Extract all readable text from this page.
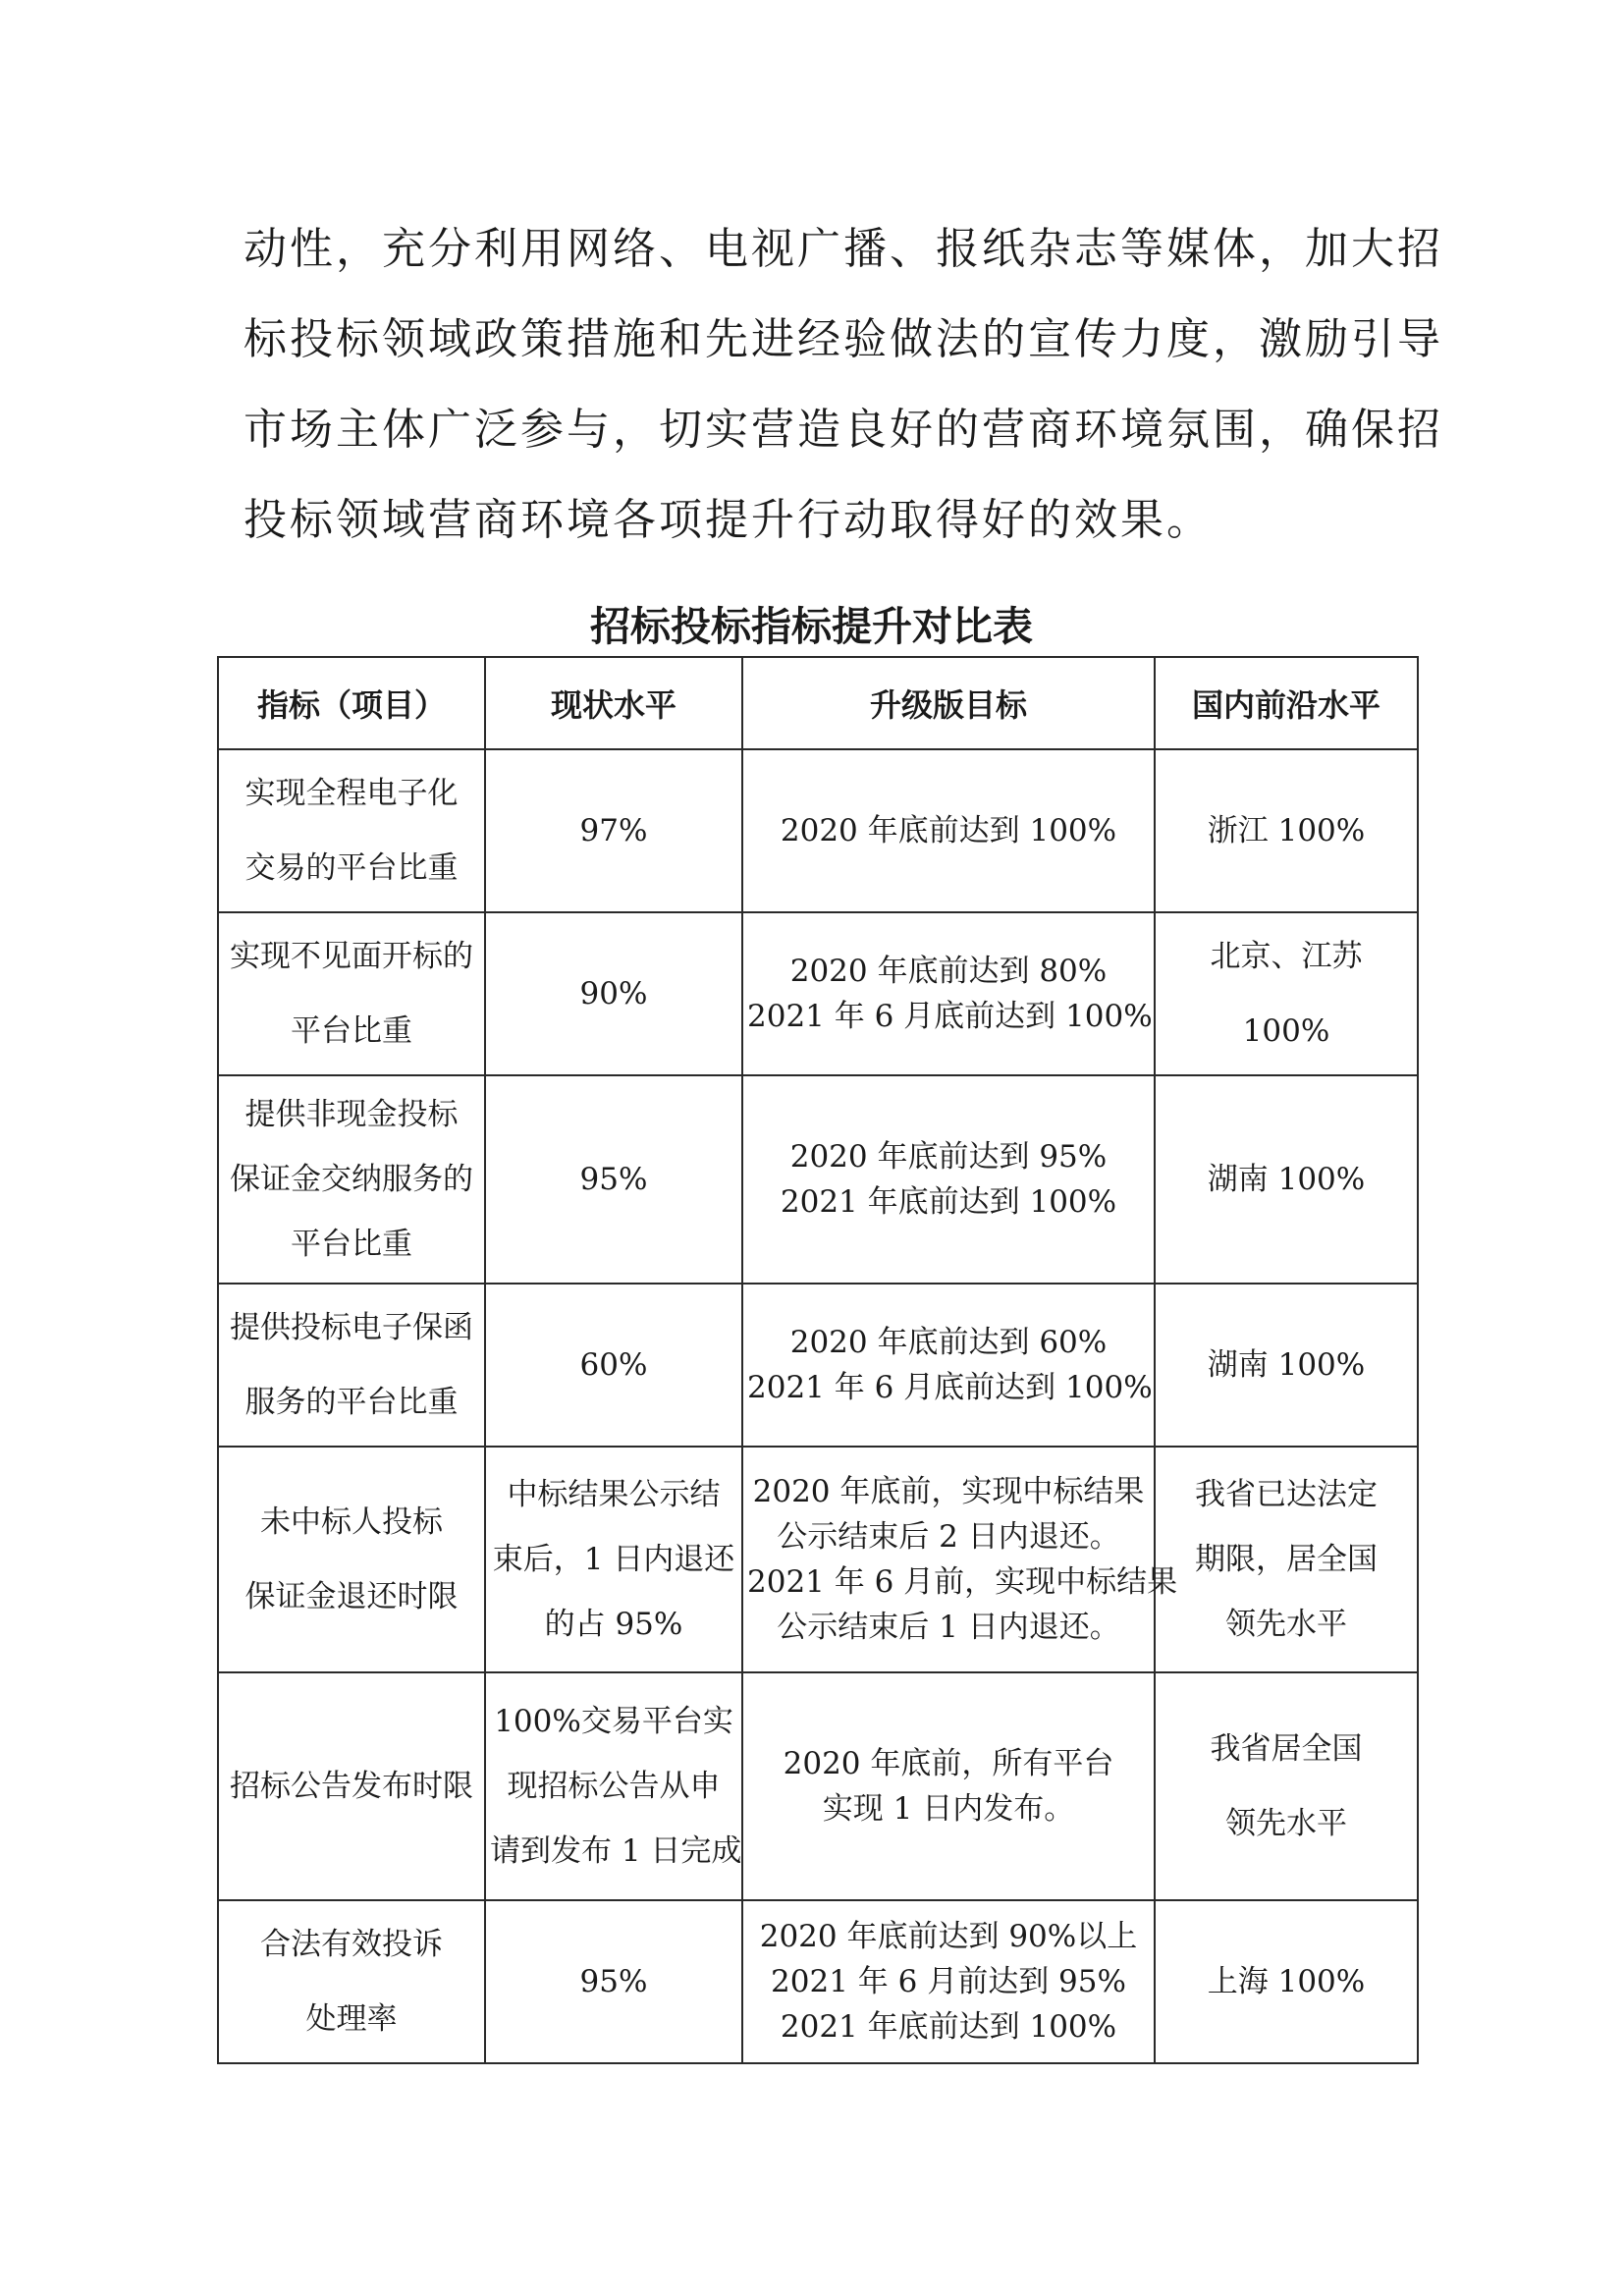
动性，充分利用网络、电视广播、报纸杂志等媒体，加大招
标投标领域政策措施和先进经验做法的宣传力度，激励引导
市场主体广泛参与，切实营造良好的营商环境氛围，确保招
投标领域营商环境各项提升行动取得好的效果。
招标投标指标提升对比表
指标（项目）	现状水平	升级版目标	国内前沿水平

实现全程电子化
交易的平台比重	97%	2020 年底前达到 100%	浙江 100%

实现不见面开标的
平台比重	90%	2020 年底前达到 80%
2021 年 6 月底前达到 100%	北京、江苏
100%

提供非现金投标
保证金交纳服务的
平台比重	95%	2020 年底前达到 95%
2021 年底前达到 100%	湖南 100%

提供投标电子保函
服务的平台比重	60%	2020 年底前达到 60%
2021 年 6 月底前达到 100%	湖南 100%

未中标人投标
保证金退还时限	中标结果公示结
束后，1 日内退还
的占 95%	2020 年底前，实现中标结果
公示结束后 2 日内退还。
2021 年 6 月前，实现中标结果
公示结束后 1 日内退还。	我省已达法定
期限，居全国
领先水平

招标公告发布时限	100%交易平台实
现招标公告从申
请到发布 1 日完成	2020 年底前，所有平台
实现 1 日内发布。	我省居全国
领先水平

合法有效投诉
处理率	95%	2020 年底前达到 90%以上
2021 年 6 月前达到 95%
2021 年底前达到 100%	上海 100%
